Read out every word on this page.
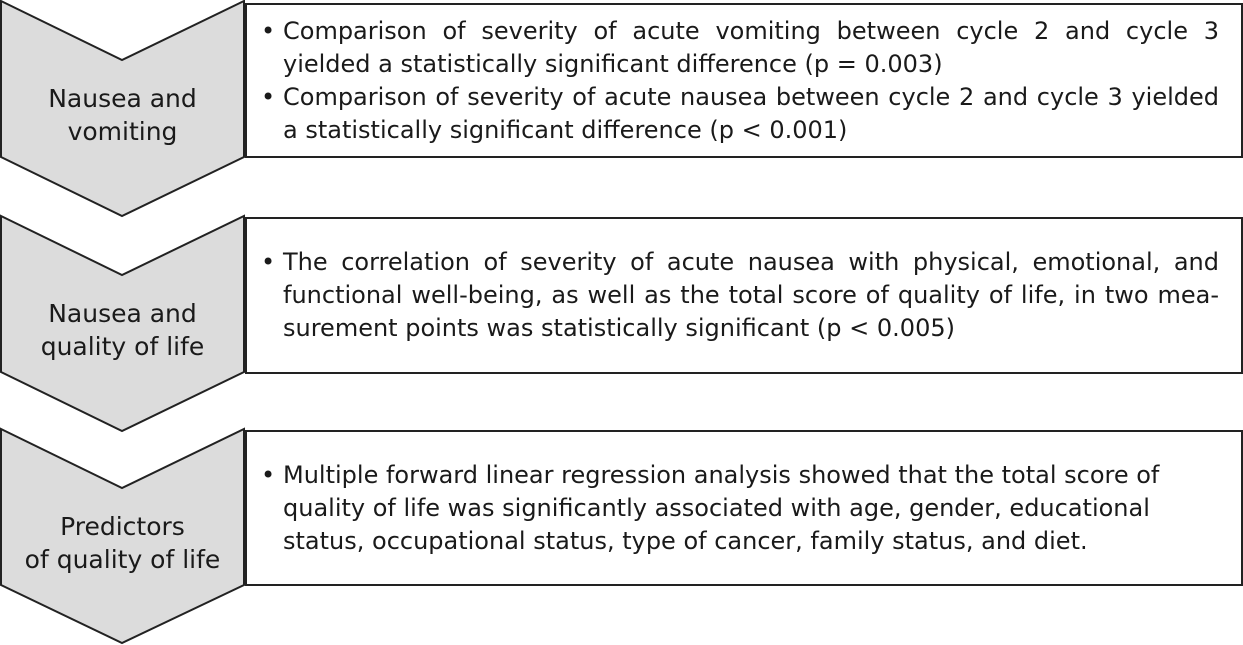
Nausea and
vomiting
• Comparison of severity of acute vomiting between cycle 2 and cycle 3 yielded a statistically significant difference (p = 0.003)
• Comparison of severity of acute nausea between cycle 2 and cycle 3 yielded a statistically significant difference (p < 0.001)
Nausea and
quality of life
• The correlation of severity of acute nausea with physical, emotional, and functional well-being, as well as the total score of quality of life, in two measurement points was statistically significant (p < 0.005)
Predictors
of quality of life
• Multiple forward linear regression analysis showed that the total score of quality of life was significantly associated with age, gender, educational status, occupational status, type of cancer, family status, and diet.
